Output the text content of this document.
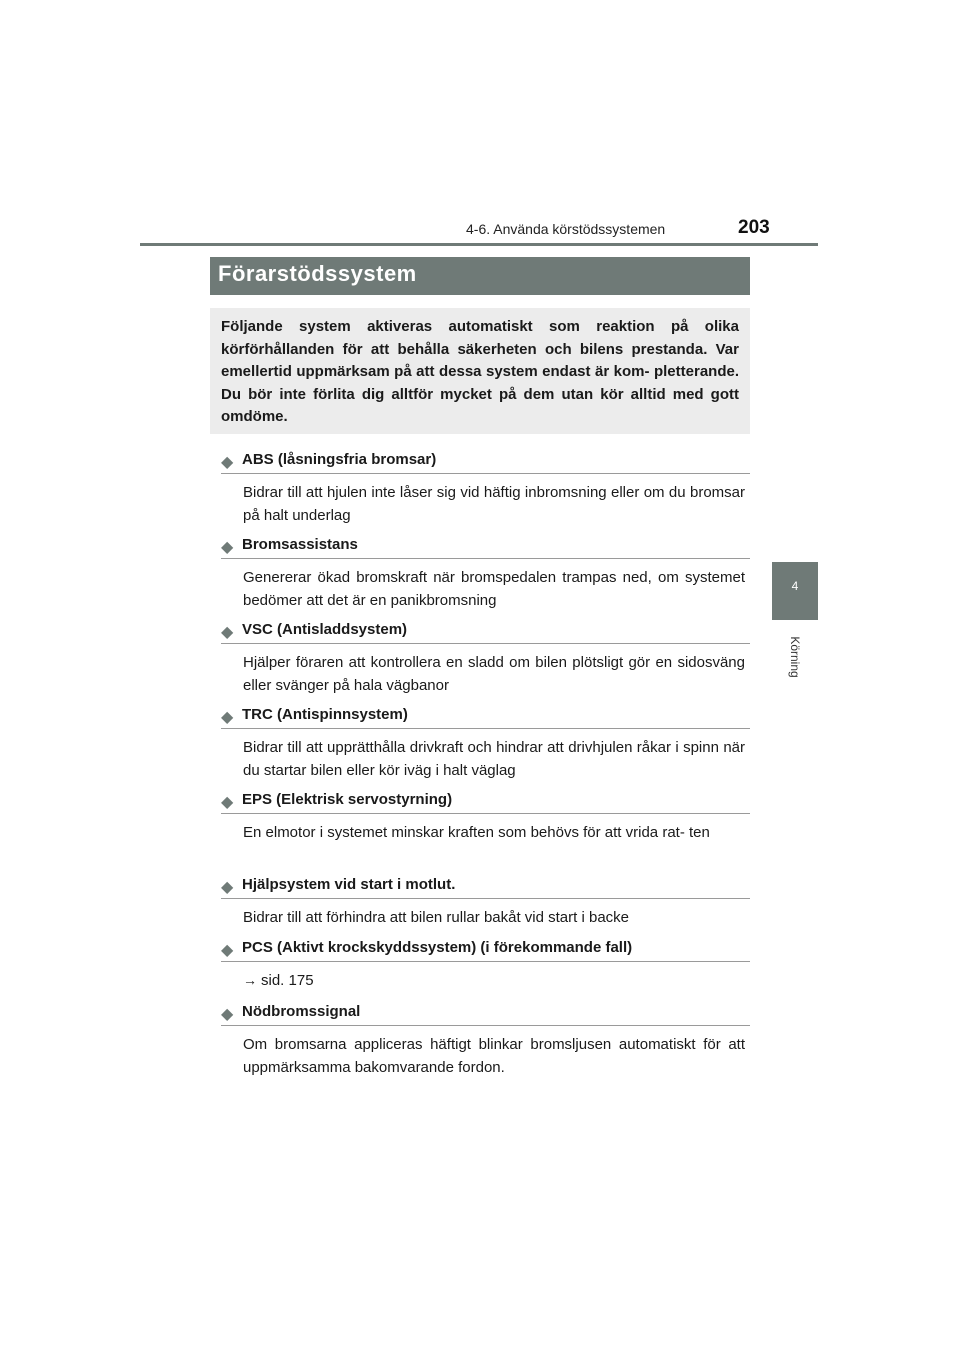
4-6. Använda körstödssystemen	203
4
Körning
Förarstödssystem
Följande system aktiveras automatiskt som reaktion på olika körförhållanden för att behålla säkerheten och bilens prestanda. Var emellertid uppmärksam på att dessa system endast är kom- pletterande. Du bör inte förlita dig alltför mycket på dem utan kör alltid med gott omdöme.
◆ ABS (låsningsfria bromsar)
Bidrar till att hjulen inte låser sig vid häftig inbromsning eller om du bromsar på halt underlag
◆ Bromsassistans
Genererar ökad bromskraft när bromspedalen trampas ned, om systemet bedömer att det är en panikbromsning
◆ VSC (Antisladdsystem)
Hjälper föraren att kontrollera en sladd om bilen plötsligt gör en sidosväng eller svänger på hala vägbanor
◆ TRC (Antispinnsystem)
Bidrar till att upprätthålla drivkraft och hindrar att drivhjulen råkar i spinn när du startar bilen eller kör iväg i halt väglag
◆ EPS (Elektrisk servostyrning)
En elmotor i systemet minskar kraften som behövs för att vrida rat- ten
◆ Hjälpsystem vid start i motlut.
Bidrar till att förhindra att bilen rullar bakåt vid start i backe
◆ PCS (Aktivt krockskyddssystem) (i förekommande fall)
→ sid. 175
◆ Nödbromssignal
Om bromsarna appliceras häftigt blinkar bromsljusen automatiskt för att uppmärksamma bakomvarande fordon.
